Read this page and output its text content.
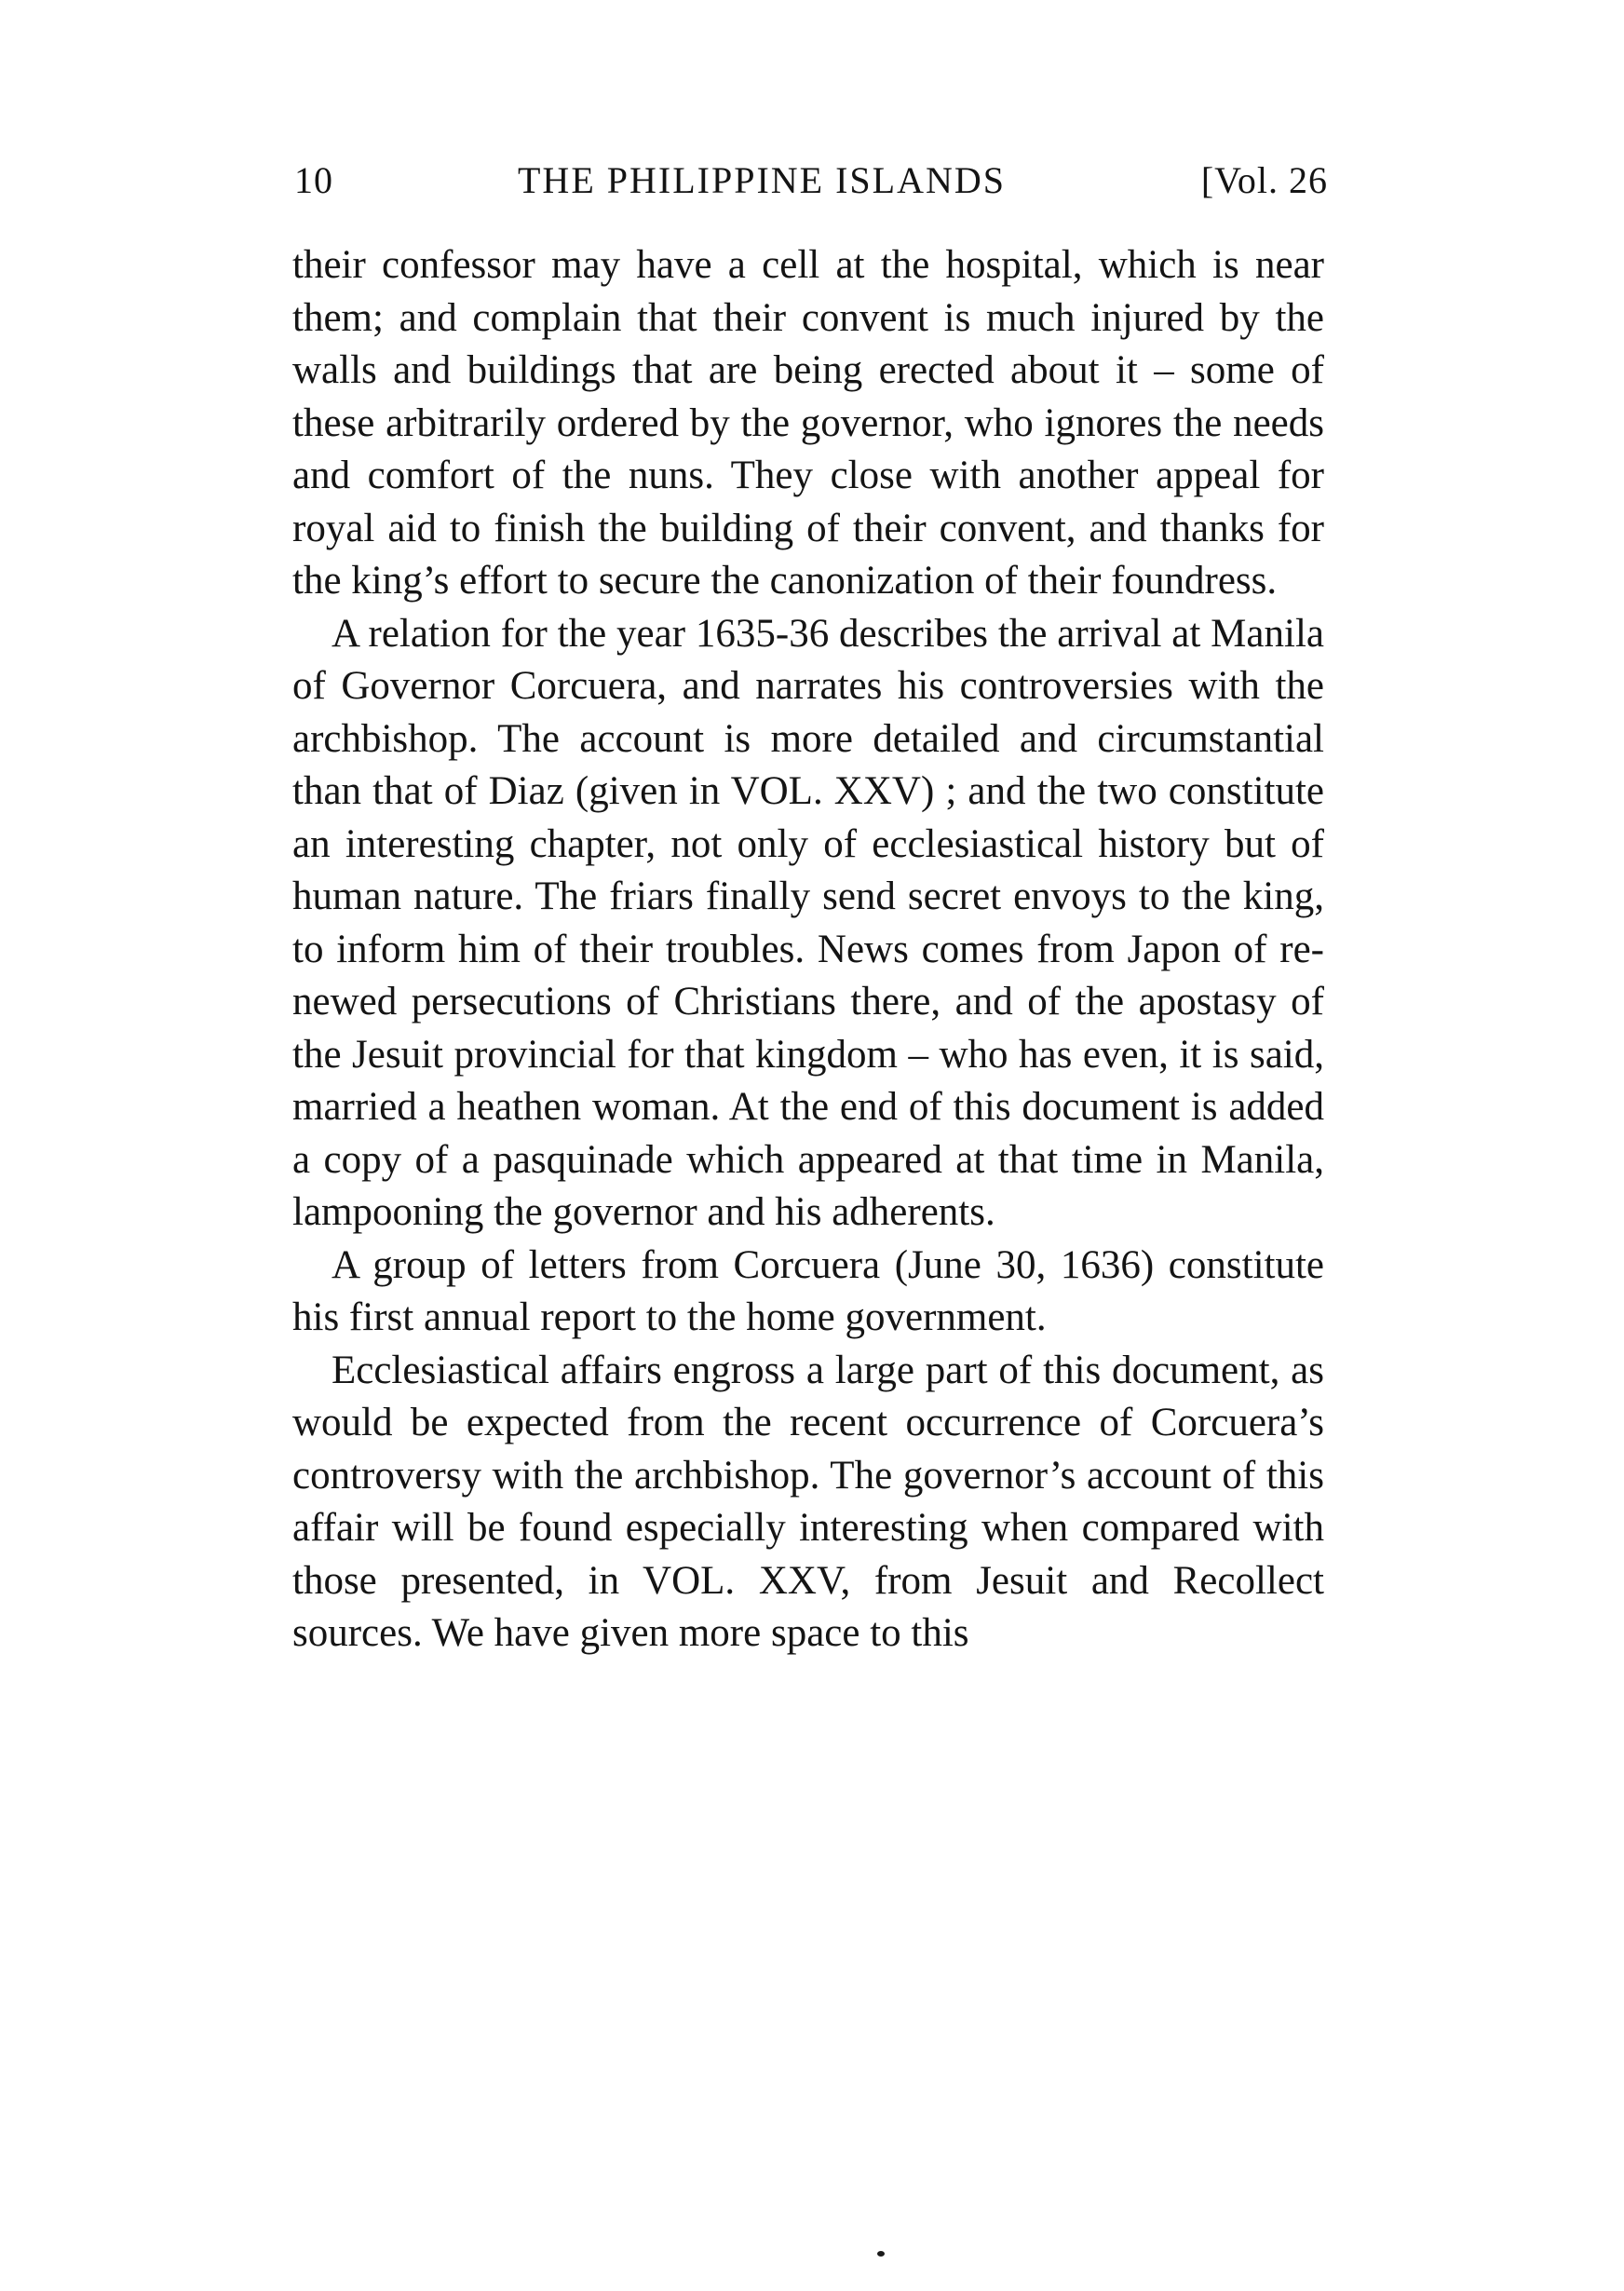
10	THE PHILIPPINE ISLANDS	[Vol. 26

their confessor may have a cell at the hospital, which is near them; and complain that their convent is much injured by the walls and buildings that are being erected about it – some of these arbitrarily ordered by the governor, who ignores the needs and comfort of the nuns. They close with another appeal for royal aid to finish the building of their convent, and thanks for the king’s effort to secure the canonization of their foundress.

A relation for the year 1635-36 describes the arrival at Manila of Governor Corcuera, and narrates his controversies with the archbishop. The account is more detailed and circumstantial than that of Diaz (given in VOL. XXV) ; and the two constitute an interesting chapter, not only of ecclesiastical history but of human nature. The friars finally send secret envoys to the king, to inform him of their troubles. News comes from Japon of renewed persecutions of Christians there, and of the apostasy of the Jesuit provincial for that kingdom – who has even, it is said, married a heathen woman. At the end of this document is added a copy of a pasquinade which appeared at that time in Manila, lampooning the governor and his adherents.

A group of letters from Corcuera (June 30, 1636) constitute his first annual report to the home government.

Ecclesiastical affairs engross a large part of this document, as would be expected from the recent occurrence of Corcuera’s controversy with the archbishop. The governor’s account of this affair will be found especially interesting when compared with those presented, in VOL. XXV, from Jesuit and Recollect sources. We have given more space to this
